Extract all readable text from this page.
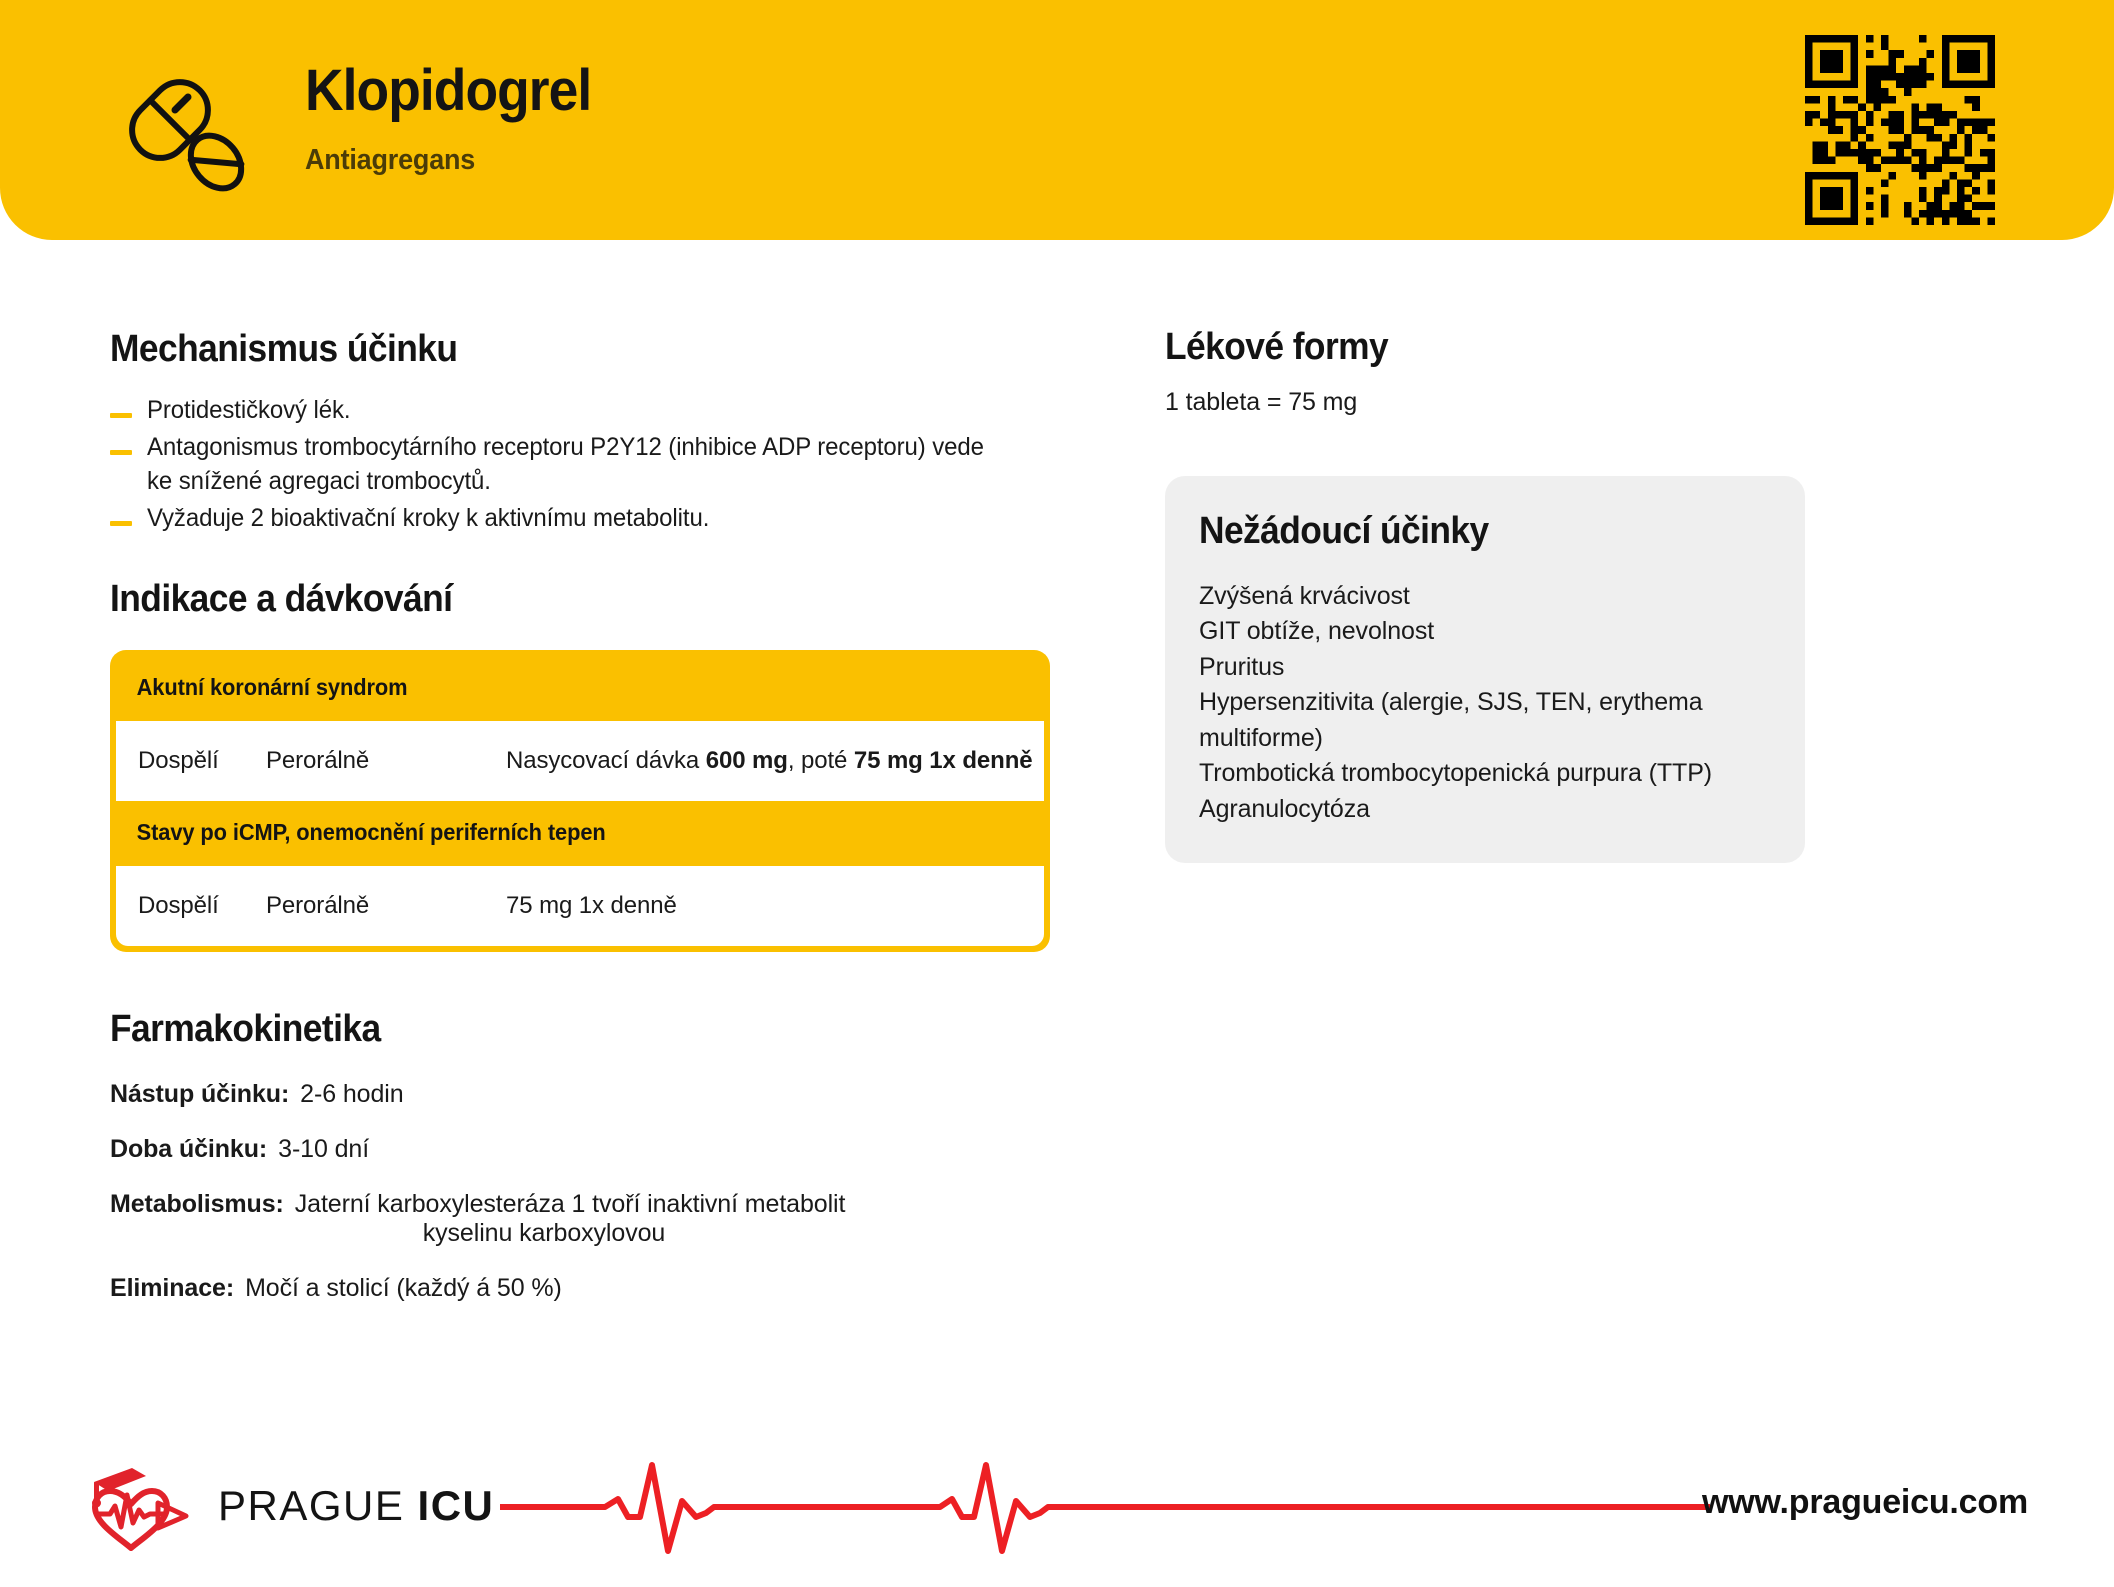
Klopidogrel
Antiagregans
Mechanismus účinku
Protidestičkový lék.
Antagonismus trombocytárního receptoru P2Y12 (inhibice ADP receptoru) vede ke snížené agregaci trombocytů.
Vyžaduje 2 bioaktivační kroky k aktivnímu metabolitu.
Indikace a dávkování
Akutní koronární syndrom
Dospělí	Perorálně	Nasycovací dávka 600 mg, poté 75 mg 1x denně
Stavy po iCMP, onemocnění periferních tepen
Dospělí	Perorálně	75 mg 1x denně
Farmakokinetika
Nástup účinku: 2-6 hodin
Doba účinku: 3-10 dní
Metabolismus: Jaterní karboxylesteráza 1 tvoří inaktivní metabolit
kyselinu karboxylovou
Eliminace: Močí a stolicí (každý á 50 %)
Lékové formy
1 tableta = 75 mg
Nežádoucí účinky
Zvýšená krvácivost
GIT obtíže, nevolnost
Pruritus
Hypersenzitivita (alergie, SJS, TEN, erythema multiforme)
Trombotická trombocytopenická purpura (TTP)
Agranulocytóza
PRAGUE ICU	www.pragueicu.com
